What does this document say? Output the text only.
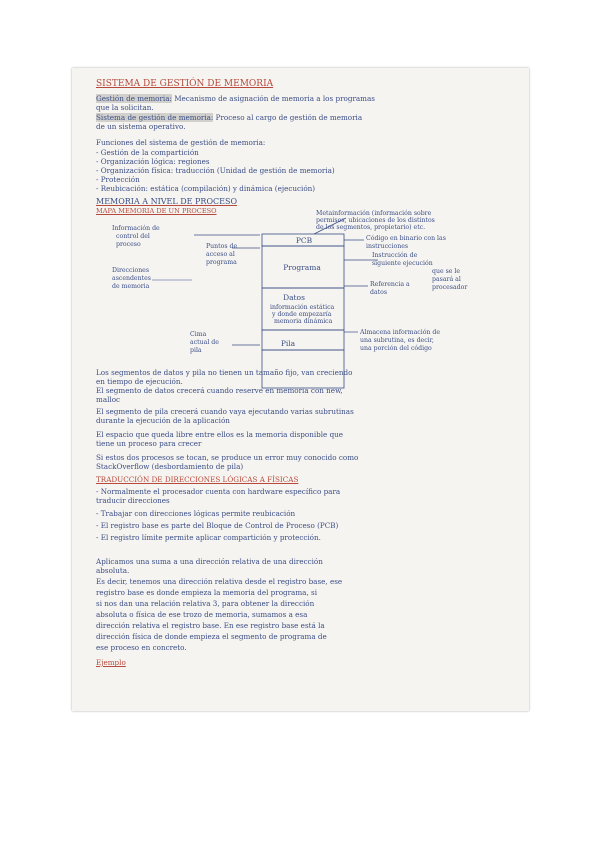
SISTEMA DE GESTIÓN DE MEMORIA
Gestión de memoria: Mecanismo de asignación de memoria a los programas
que la solicitan.
Sistema de gestión de memoria: Proceso al cargo de gestión de memoria
de un sistema operativo.
Funciones del sistema de gestión de memoria:
- Gestión de la compartición
- Organización lógica: regiones
- Organización física: traducción (Unidad de gestión de memoria)
- Protección
- Reubicación: estática (compilación) y dinámica (ejecución)
MEMORIA A NIVEL DE PROCESO
MAPA MEMORIA DE UN PROCESO
Información de control del proceso	Puntos de acceso al programa
Direcciones ascendentes de memoria
Cima actual de pila
PCB
Programa
Datos
información estática y donde empezaría memoria dinámica
Pila
Metainformación (información sobre permisos, ubicaciones de los distintos de los segmentos, propietario) etc.
Código en binario con las instrucciones
Instrucción de siguiente ejecuciónque se le pasará al procesador
Referencia a datos
Almacena información de una subrutina, es decir, una porción del código
Los segmentos de datos y pila no tienen un tamaño fijo, van creciendo
en tiempo de ejecución.
El segmento de datos crecerá cuando reserve en memoria con new,
malloc
El segmento de pila crecerá cuando vaya ejecutando varias subrutinas
durante la ejecución de la aplicación
El espacio que queda libre entre ellos es la memoria disponible que
tiene un proceso para crecer
Si estos dos procesos se tocan, se produce un error muy conocido como
StackOverflow (desbordamiento de pila)
TRADUCCIÓN DE DIRECCIONES LÓGICAS A FÍSICAS
- Normalmente el procesador cuenta con hardware específico para
traducir direcciones
- Trabajar con direcciones lógicas permite reubicación
- El registro base es parte del Bloque de Control de Proceso (PCB)
- El registro límite permite aplicar compartición y protección.
Aplicamos una suma a una dirección relativa de una dirección
absoluta.
Es decir, tenemos una dirección relativa desde el registro base, ese
registro base es donde empieza la memoria del programa, si
si nos dan una relación relativa 3, para obtener la dirección
absoluta o física de ese trozo de memoria, sumamos a esa
dirección relativa el registro base. En ese registro base está la
dirección física de donde empieza el segmento de programa de
ese proceso en concreto.
Ejemplo
